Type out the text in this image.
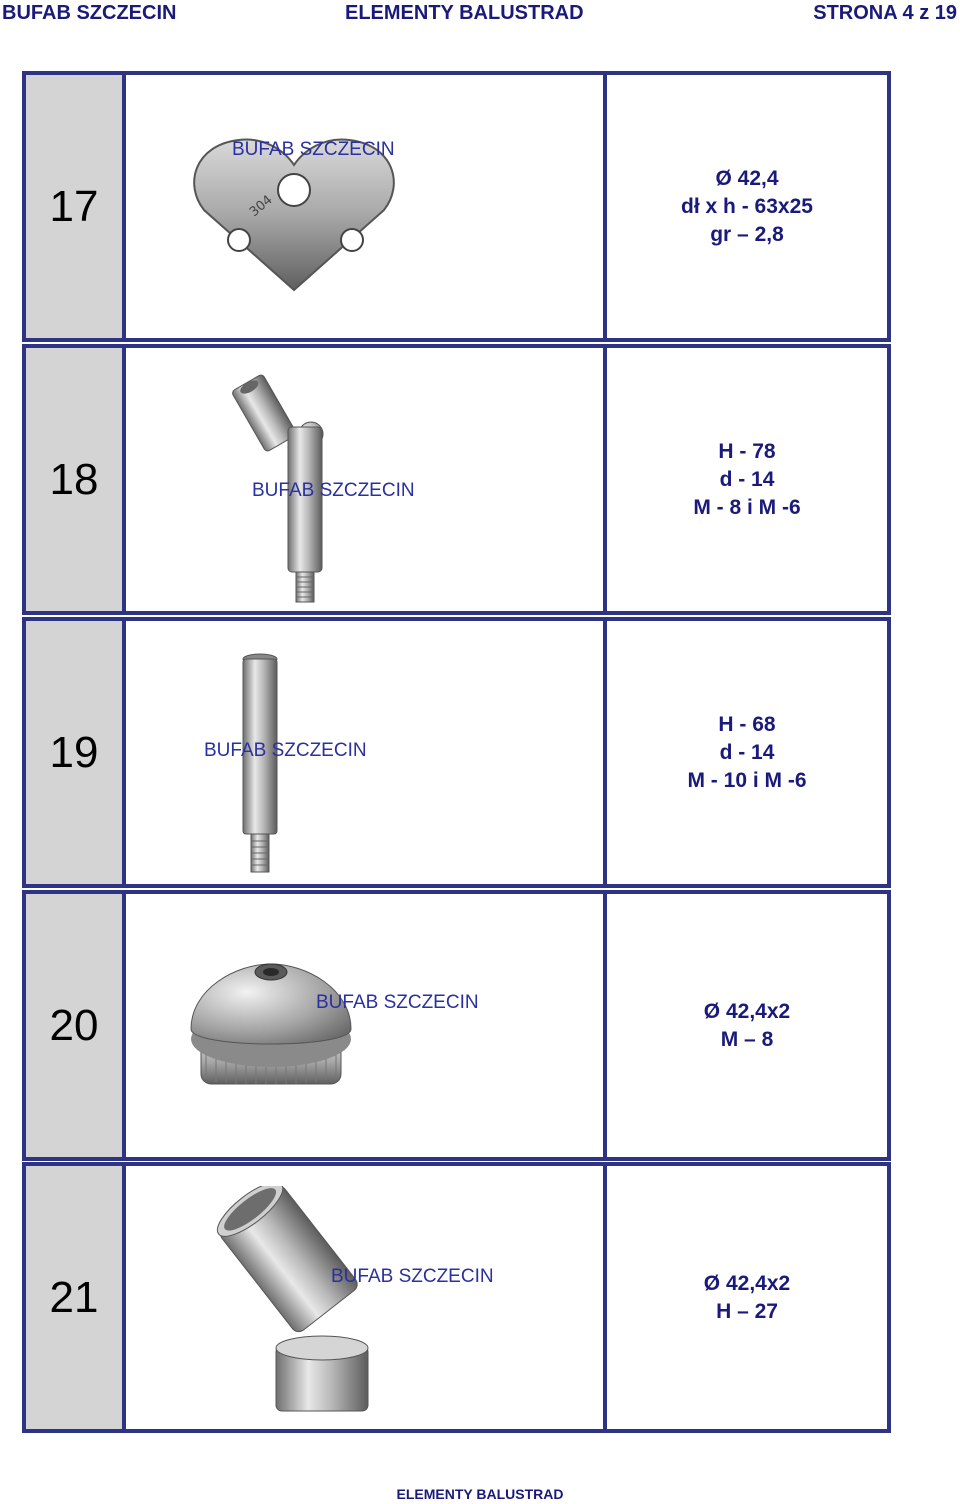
BUFAB SZCZECIN	ELEMENTY BALUSTRAD	STRONA 4 z 19
17	304
BUFAB SZCZECIN
Ø 42,4
dł x h - 63x25
gr – 2,8
18	BUFAB SZCZECIN
H - 78
d - 14
M - 8 i M -6
19	BUFAB SZCZECIN
H - 68
d - 14
M - 10 i M -6
20	BUFAB SZCZECIN	Ø 42,4x2
M – 8
21	BUFAB SZCZECIN	Ø 42,4x2
H – 27
ELEMENTY BALUSTRAD
